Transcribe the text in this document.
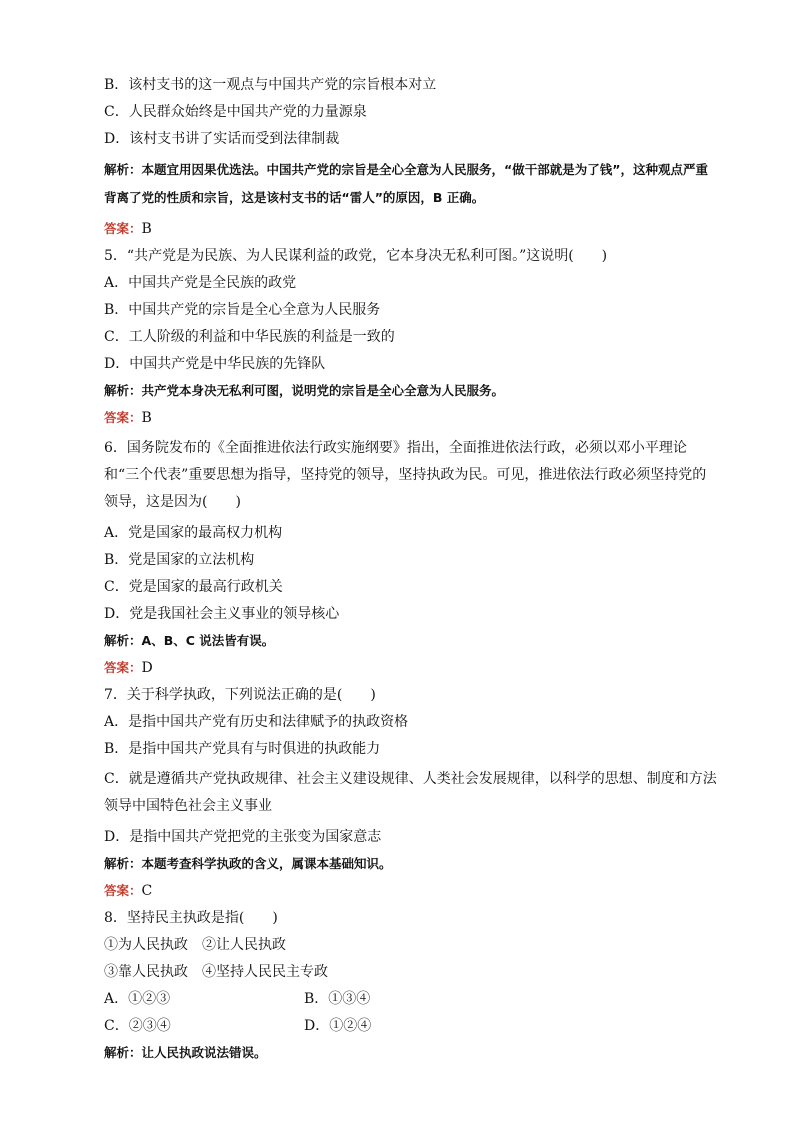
B．该村支书的这一观点与中国共产党的宗旨根本对立
C．人民群众始终是中国共产党的力量源泉
D．该村支书讲了实话而受到法律制裁
解析：本题宜用因果优选法。中国共产党的宗旨是全心全意为人民服务，“做干部就是为了钱”，这种观点严重背离了党的性质和宗旨，这是该村支书的话“雷人”的原因，B 正确。
答案：B
5．“共产党是为民族、为人民谋利益的政党，它本身决无私利可图。”这说明(　　)
A．中国共产党是全民族的政党
B．中国共产党的宗旨是全心全意为人民服务
C．工人阶级的利益和中华民族的利益是一致的
D．中国共产党是中华民族的先锋队
解析：共产党本身决无私利可图，说明党的宗旨是全心全意为人民服务。
答案：B
6．国务院发布的《全面推进依法行政实施纲要》指出，全面推进依法行政，必须以邓小平理论和“三个代表”重要思想为指导，坚持党的领导，坚持执政为民。可见，推进依法行政必须坚持党的领导，这是因为(　　)
A．党是国家的最高权力机构
B．党是国家的立法机构
C．党是国家的最高行政机关
D．党是我国社会主义事业的领导核心
解析：A、B、C 说法皆有误。
答案：D
7．关于科学执政，下列说法正确的是(　　)
A．是指中国共产党有历史和法律赋予的执政资格
B．是指中国共产党具有与时俱进的执政能力
C．就是遵循共产党执政规律、社会主义建设规律、人类社会发展规律，以科学的思想、制度和方法领导中国特色社会主义事业
D．是指中国共产党把党的主张变为国家意志
解析：本题考查科学执政的含义，属课本基础知识。
答案：C
8．坚持民主执政是指(　　)
①为人民执政　②让人民执政
③靠人民执政　④坚持人民民主专政
A．①②③	B．①③④
C．②③④	D．①②④
解析：让人民执政说法错误。
